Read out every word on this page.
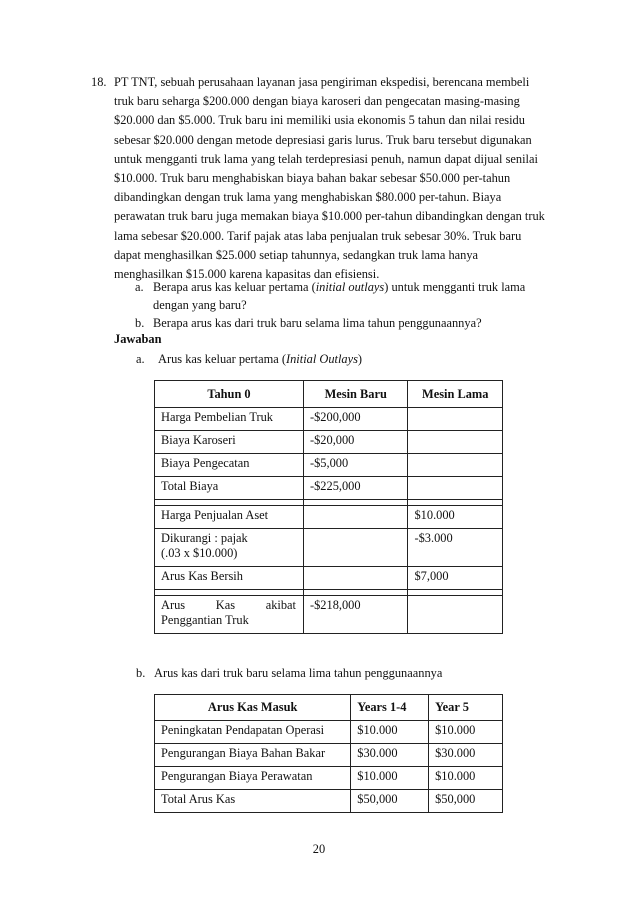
18. PT TNT, sebuah perusahaan layanan jasa pengiriman ekspedisi, berencana membeli
truk baru seharga $200.000 dengan biaya karoseri dan pengecatan masing-masing
$20.000 dan $5.000. Truk baru ini memiliki usia ekonomis 5 tahun dan nilai residu
sebesar $20.000 dengan metode depresiasi garis lurus. Truk baru tersebut digunakan
untuk mengganti truk lama yang telah terdepresiasi penuh, namun dapat dijual senilai
$10.000. Truk baru menghabiskan biaya bahan bakar sebesar $50.000 per-tahun
dibandingkan dengan truk lama yang menghabiskan $80.000 per-tahun. Biaya
perawatan truk baru juga memakan biaya $10.000 per-tahun dibandingkan dengan truk
lama sebesar $20.000. Tarif pajak atas laba penjualan truk sebesar 30%. Truk baru
dapat menghasilkan $25.000 setiap tahunnya, sedangkan truk lama hanya
menghasilkan $15.000 karena kapasitas dan efisiensi.
a. Berapa arus kas keluar pertama (initial outlays) untuk mengganti truk lama
dengan yang baru?
b. Berapa arus kas dari truk baru selama lima tahun penggunaannya?
Jawaban
a. Arus kas keluar pertama (Initial Outlays)
Tahun 0	Mesin Baru	Mesin Lama
Harga Pembelian Truk	-$200,000	
Biaya Karoseri	-$20,000	
Biaya Pengecatan	-$5,000	
Total Biaya	-$225,000	

Harga Penjualan Aset		$10.000
Dikurangi : pajak
(.03 x $10.000)		-$3.000
Arus Kas Bersih		$7,000

Arus Kas akibat
Penggantian Truk	-$218,000	
b. Arus kas dari truk baru selama lima tahun penggunaannya
Arus Kas Masuk	Years 1-4	Year 5
Peningkatan Pendapatan Operasi	$10.000	$10.000
Pengurangan Biaya Bahan Bakar	$30.000	$30.000
Pengurangan Biaya Perawatan	$10.000	$10.000
Total Arus Kas	$50,000	$50,000
20
